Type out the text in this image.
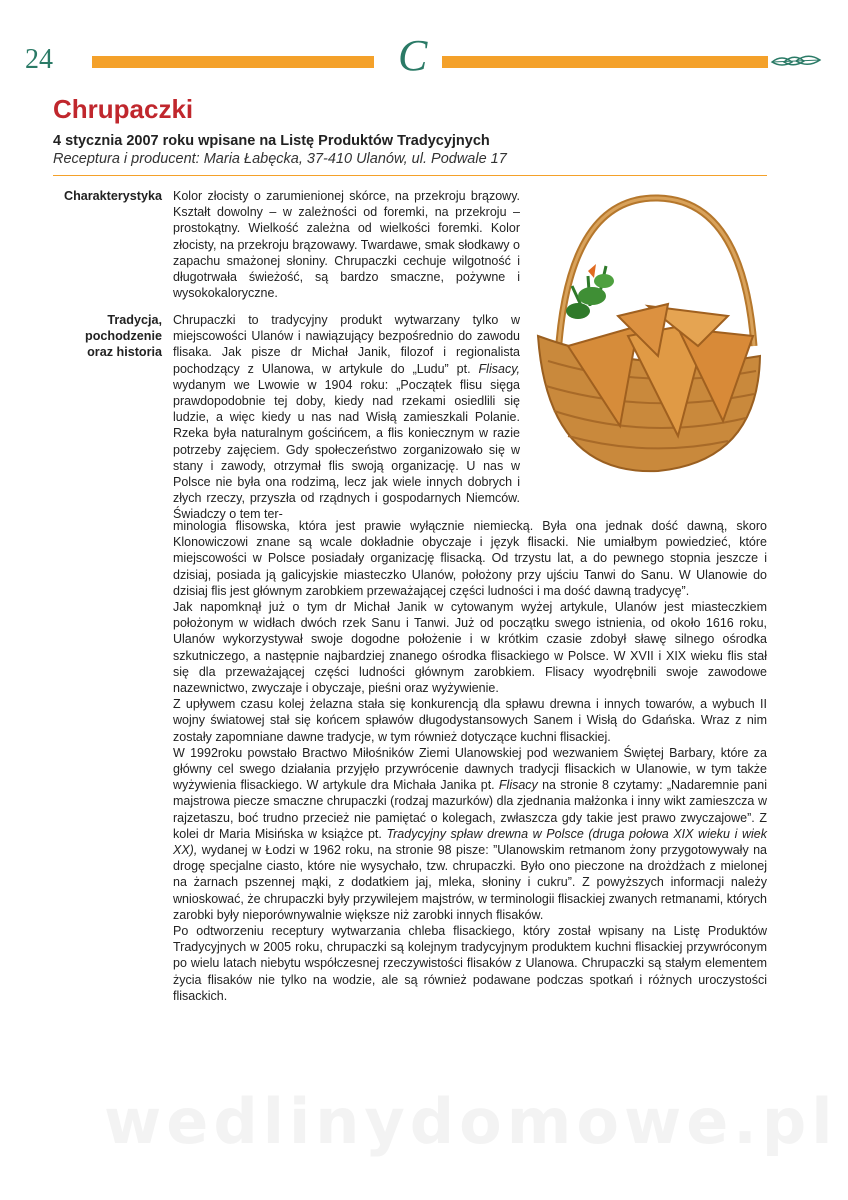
24	C
Chrupaczki
4 stycznia 2007 roku wpisane na Listę Produktów Tradycyjnych
Receptura i producent: Maria Łabęcka, 37-410 Ulanów, ul. Podwale 17
Charakterystyka Kolor złocisty o zarumienionej skórce, na przekroju brązowy. Kształt dowolny – w zależności od foremki, na przekroju – prostokątny. Wielkość zależna od wielkości foremki. Kolor złocisty, na przekroju brązowawy. Twardawe, smak słodkawy o zapachu smażonej słoniny. Chrupaczki cechuje wilgotność i długotrwała świeżość, są bardzo smaczne, pożywne i wysokokaloryczne.
Tradycja,
pochodzenie
oraz historia
Chrupaczki to tradycyjny produkt wytwarzany tylko w miejscowości Ulanów i nawiązujący bezpośrednio do zawodu flisaka. Jak pisze dr Michał Janik, filozof i regionalista pochodzący z Ulanowa, w artykule do „Ludu” pt. Flisacy, wydanym we Lwowie w 1904 roku: „Początek flisu sięga prawdopodobnie tej doby, kiedy nad rzekami osiedlili się ludzie, a więc kiedy u nas nad Wisłą zamieszkali Polanie. Rzeka była naturalnym gościńcem, a flis koniecznym w razie potrzeby zajęciem. Gdy społeczeństwo zorganizowało się w stany i zawody, otrzymał flis swoją organizację. U nas w Polsce nie była ona rodzimą, lecz jak wiele innych dobrych i złych rzeczy, przyszła od rządnych i gospodarnych Niemców. Świadczy o tem ter-

minologia flisowska, która jest prawie wyłącznie niemiecką. Była ona jednak dość dawną, skoro Klonowiczowi znane są wcale dokładnie obyczaje i język flisacki. Nie umiałbym powiedzieć, które miejscowości w Polsce posiadały organizację flisacką. Od trzystu lat, a do pewnego stopnia jeszcze i dzisiaj, posiada ją galicyjskie miasteczko Ulanów, położony przy ujściu Tanwi do Sanu. W Ulanowie do dzisiaj flis jest głównym zarobkiem przeważającej części ludności i ma dość dawną tradycyę”.

Jak napomknął już o tym dr Michał Janik w cytowanym wyżej artykule, Ulanów jest miasteczkiem położonym w widłach dwóch rzek Sanu i Tanwi. Już od początku swego istnienia, od około 1616 roku, Ulanów wykorzystywał swoje dogodne położenie i w krótkim czasie zdobył sławę silnego ośrodka szkutniczego, a następnie najbardziej znanego ośrodka flisackiego w Polsce. W XVII i XIX wieku flis stał się dla przeważającej części ludności głównym zarobkiem. Flisacy wyodrębnili swoje zawodowe nazewnictwo, zwyczaje i obyczaje, pieśni oraz wyżywienie.

Z upływem czasu kolej żelazna stała się konkurencją dla spławu drewna i innych towarów, a wybuch II wojny światowej stał się końcem spławów długodystansowych Sanem i Wisłą do Gdańska. Wraz z nim zostały zapomniane dawne tradycje, w tym również dotyczące kuchni flisackiej.

W 1992roku powstało Bractwo Miłośników Ziemi Ulanowskiej pod wezwaniem Świętej Barbary, które za główny cel swego działania przyjęło przywrócenie dawnych tradycji flisackich w Ulanowie, w tym także wyżywienia flisackiego. W artykule dra Michała Janika pt. Flisacy na stronie 8 czytamy: „Nadaremnie pani majstrowa piecze smaczne chrupaczki (rodzaj mazurków) dla zjednania małżonka i inny wikt zamieszcza w rajzetaszu, boć trudno przecież nie pamiętać o kolegach, zwłaszcza gdy takie jest prawo zwyczajowe”. Z kolei dr Maria Misińska w książce pt. Tradycyjny spław drewna w Polsce (druga połowa XIX wieku i wiek XX), wydanej w Łodzi w 1962 roku, na stronie 98 pisze: ”Ulanowskim retmanom żony przygotowywały na drogę specjalne ciasto, które nie wysychało, tzw. chrupaczki. Było ono pieczone na drożdżach z mielonej na żarnach pszennej mąki, z dodatkiem jaj, mleka, słoniny i cukru”. Z powyższych informacji należy wnioskować, że chrupaczki były przywilejem majstrów, w terminologii flisackiej zwanych retmanami, których zarobki były nieporównywalnie większe niż zarobki innych flisaków.

Po odtworzeniu receptury wytwarzania chleba flisackiego, który został wpisany na Listę Produktów Tradycyjnych w 2005 roku, chrupaczki są kolejnym tradycyjnym produktem kuchni flisackiej przywróconym po wielu latach niebytu współczesnej rzeczywistości flisaków z Ulanowa. Chrupaczki są stałym elementem życia flisaków nie tylko na wodzie, ale są również podawane podczas spotkań i różnych uroczystości flisackich.

wedlinydomowe.pl
